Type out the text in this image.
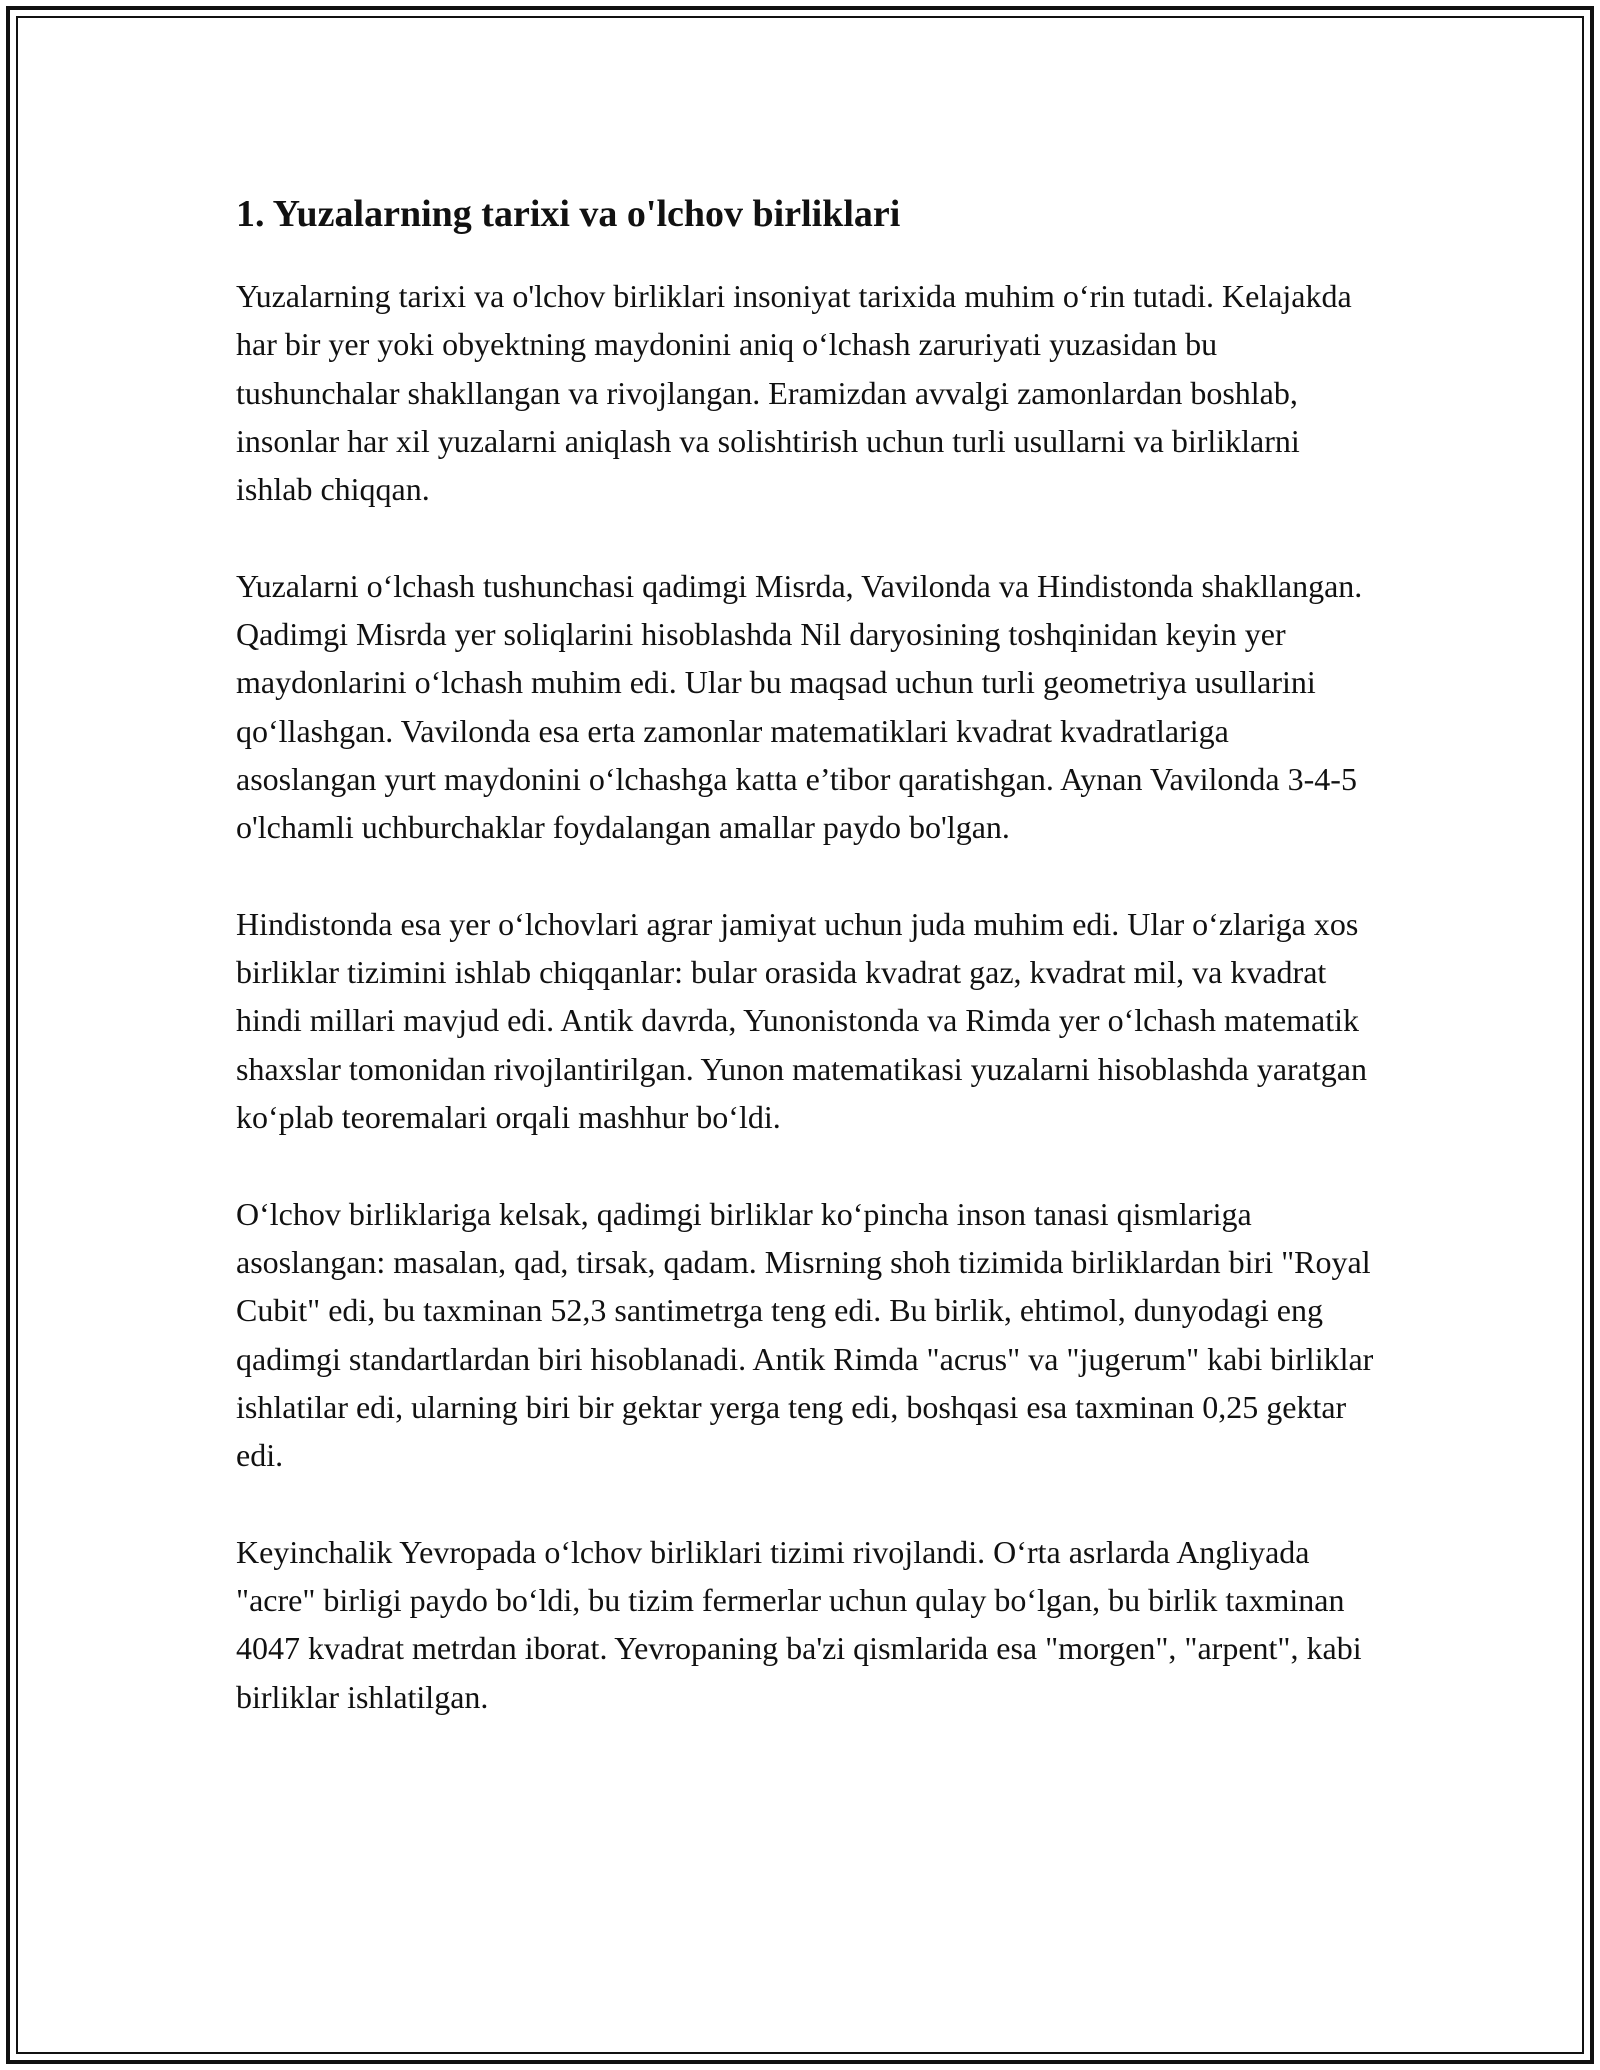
1. Yuzalarning tarixi va o'lchov birliklari

Yuzalarning tarixi va o'lchov birliklari insoniyat tarixida muhim o‘rin tutadi. Kelajakda har bir yer yoki obyektning maydonini aniq o‘lchash zaruriyati yuzasidan bu tushunchalar shakllangan va rivojlangan. Eramizdan avvalgi zamonlardan boshlab, insonlar har xil yuzalarni aniqlash va solishtirish uchun turli usullarni va birliklarni ishlab chiqqan.

Yuzalarni o‘lchash tushunchasi qadimgi Misrda, Vavilonda va Hindistonda shakllangan. Qadimgi Misrda yer soliqlarini hisoblashda Nil daryosining toshqinidan keyin yer maydonlarini o‘lchash muhim edi. Ular bu maqsad uchun turli geometriya usullarini qo‘llashgan. Vavilonda esa erta zamonlar matematiklari kvadrat kvadratlariga asoslangan yurt maydonini o‘lchashga katta e’tibor qaratishgan. Aynan Vavilonda 3-4-5 o'lchamli uchburchaklar foydalangan amallar paydo bo'lgan.

Hindistonda esa yer o‘lchovlari agrar jamiyat uchun juda muhim edi. Ular o‘zlariga xos birliklar tizimini ishlab chiqqanlar: bular orasida kvadrat gaz, kvadrat mil, va kvadrat hindi millari mavjud edi. Antik davrda, Yunonistonda va Rimda yer o‘lchash matematik shaxslar tomonidan rivojlantirilgan. Yunon matematikasi yuzalarni hisoblashda yaratgan ko‘plab teoremalari orqali mashhur bo‘ldi.

O‘lchov birliklariga kelsak, qadimgi birliklar ko‘pincha inson tanasi qismlariga asoslangan: masalan, qad, tirsak, qadam. Misrning shoh tizimida birliklardan biri "Royal Cubit" edi, bu taxminan 52,3 santimetrga teng edi. Bu birlik, ehtimol, dunyodagi eng qadimgi standartlardan biri hisoblanadi. Antik Rimda "acrus" va "jugerum" kabi birliklar ishlatilar edi, ularning biri bir gektar yerga teng edi, boshqasi esa taxminan 0,25 gektar edi.

Keyinchalik Yevropada o‘lchov birliklari tizimi rivojlandi. O‘rta asrlarda Angliyada "acre" birligi paydo bo‘ldi, bu tizim fermerlar uchun qulay bo‘lgan, bu birlik taxminan 4047 kvadrat metrdan iborat. Yevropaning ba'zi qismlarida esa "morgen", "arpent", kabi birliklar ishlatilgan.
